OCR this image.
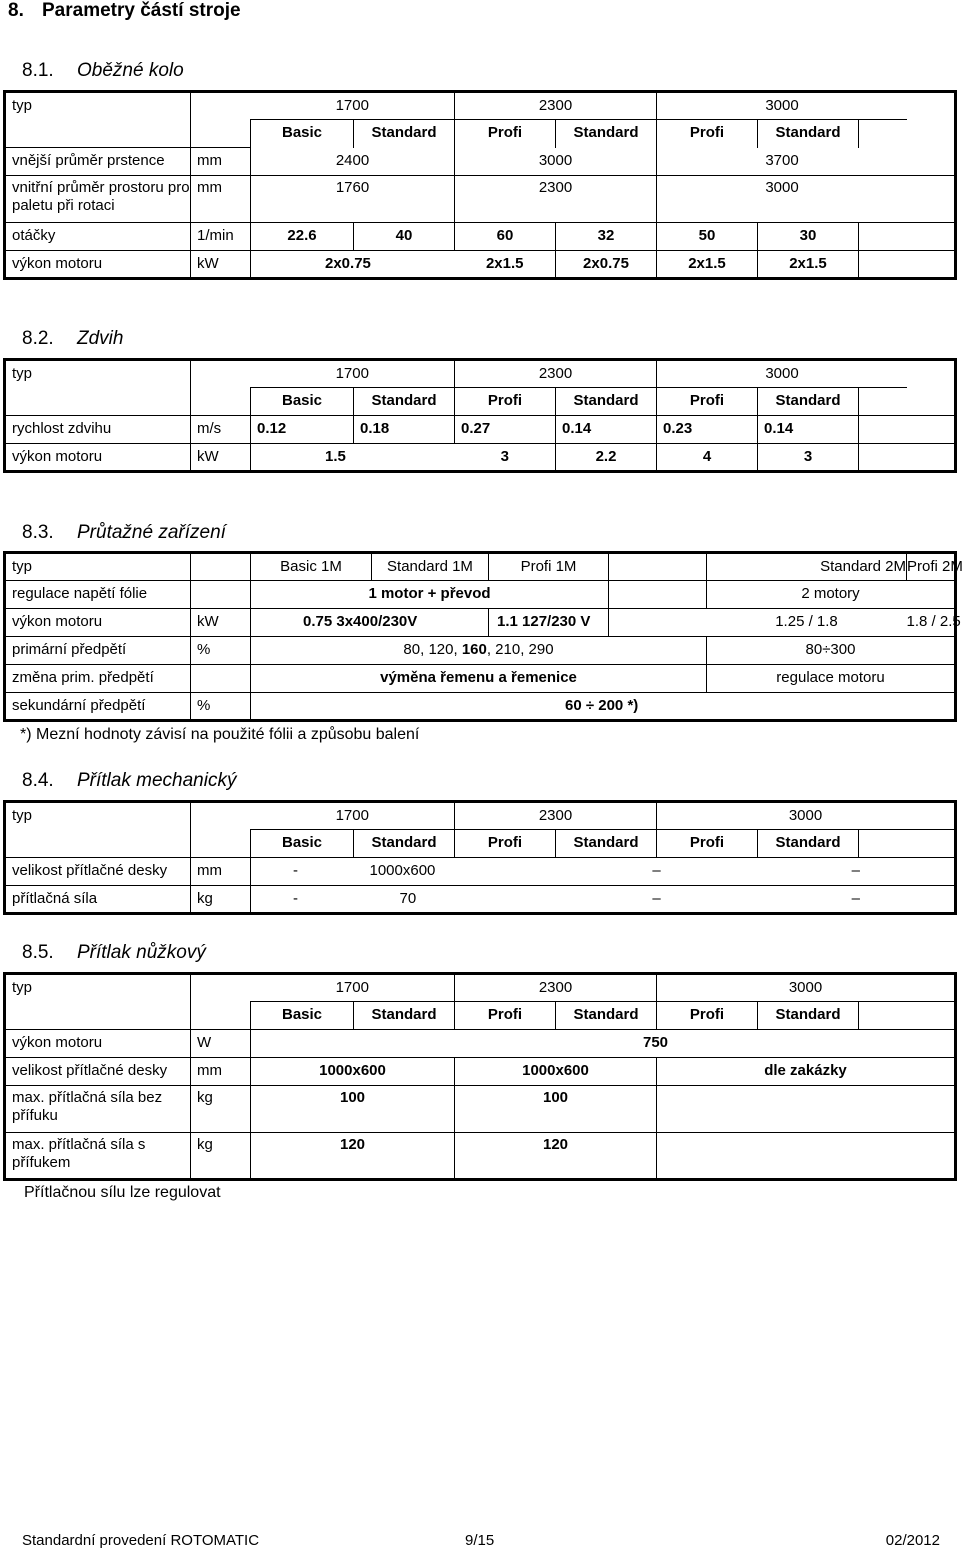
8. Parametry částí stroje
8.1. Oběžné kolo
typ		1700		2300		3000		
		Basic	Standard	Profi	Standard	Profi	Standard	
vnější průměr prstence	mm	2400		3000		3700		
vnitřní průměr prostoru pro paletu při rotaci	mm	1760		2300		3000		
otáčky	1/min	22.6	40	60	32	50	30	
výkon motoru	kW	2x0.75		2x1.5	2x0.75	2x1.5	2x1.5	
8.2. Zdvih
typ		1700		2300		3000		
		Basic	Standard	Profi	Standard	Profi	Standard	
rychlost zdvihu	m/s	0.12	0.18	0.27	0.14	0.23	0.14	
výkon motoru	kW	1.5		3	2.2	4	3	
8.3. Průtažné zařízení
typ		Basic 1M	Standard 1M	Profi 1M		Standard 2M	Profi 2M
regulace napětí fólie		1 motor + převod				2 motory	
výkon motoru	kW	0.75 3x400/230V		1.1 127/230 V		1.25 / 1.8	1.8 / 2.5
primární předpětí	%	80, 120, 160, 210, 290				80÷300	
změna prim. předpětí		výměna řemenu a řemenice				regulace motoru	
sekundární předpětí	%	60 ÷ 200 *)					
*) Mezní hodnoty závisí na použité fólii a způsobu balení
8.4. Přítlak mechanický
typ		1700		2300		3000		
		Basic	Standard	Profi	Standard	Profi	Standard	
velikost přítlačné desky	mm	-	1000x600		–		–	
přítlačná síla	kg	-	70		–		–	
8.5. Přítlak nůžkový
typ		1700		2300		3000		
		Basic	Standard	Profi	Standard	Profi	Standard	
výkon motoru	W	750						
velikost přítlačné desky	mm	1000x600		1000x600		dle zakázky		
max. přítlačná síla bez přífuku	kg	100		100				
max. přítlačná síla s přífukem	kg	120		120				
Přítlačnou sílu lze regulovat
Standardní provedení ROTOMATIC	9/15	02/2012
